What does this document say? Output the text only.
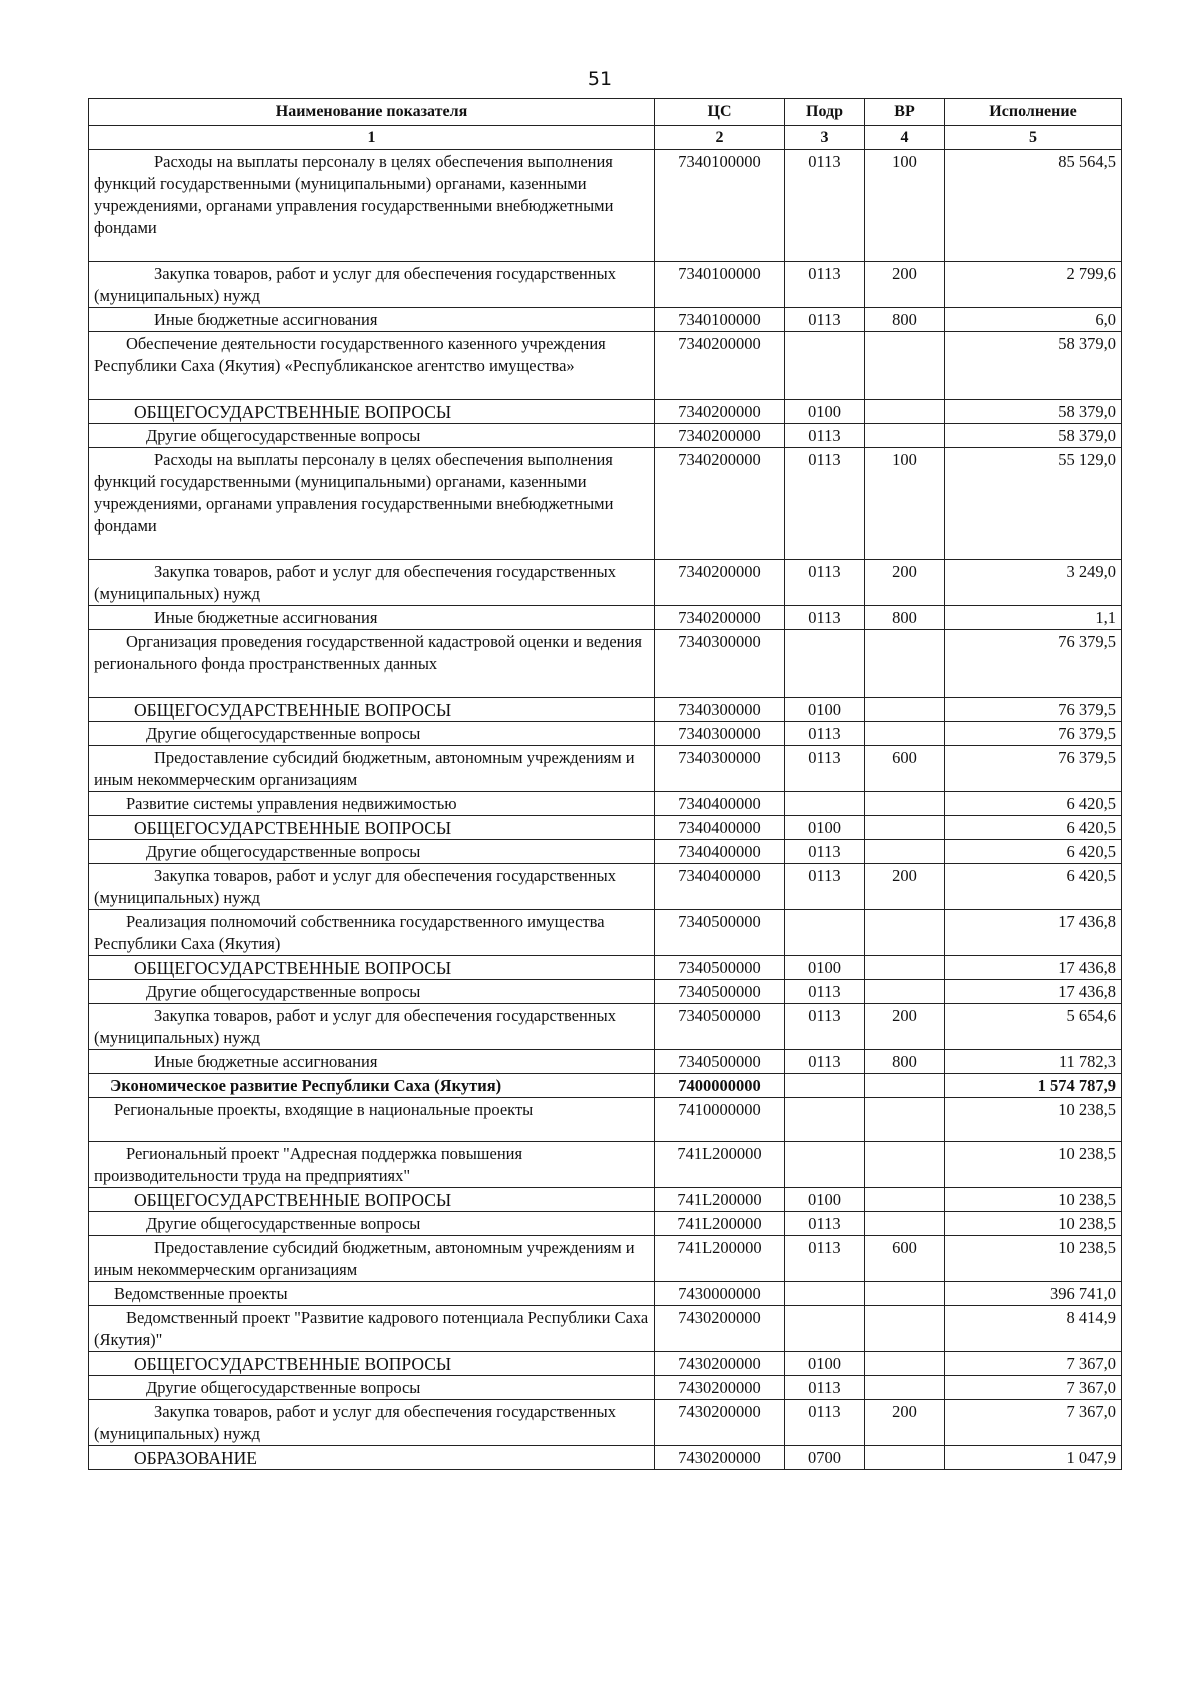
51
Наименование показателя	ЦС	Подр	ВР	Исполнение
1	2	3	4	5
Расходы на выплаты персоналу в целях обеспечения выполнения функций государственными (муниципальными) органами, казенными учреждениями, органами управления государственными внебюджетными фондами	7340100000	0113	100	85 564,5
Закупка товаров, работ и услуг для обеспечения государственных (муниципальных) нужд	7340100000	0113	200	2 799,6
Иные бюджетные ассигнования	7340100000	0113	800	6,0
Обеспечение деятельности государственного казенного учреждения Республики Саха (Якутия) «Республиканское агентство имущества»	7340200000			58 379,0
ОБЩЕГОСУДАРСТВЕННЫЕ ВОПРОСЫ	7340200000	0100		58 379,0
Другие общегосударственные вопросы	7340200000	0113		58 379,0
Расходы на выплаты персоналу в целях обеспечения выполнения функций государственными (муниципальными) органами, казенными учреждениями, органами управления государственными внебюджетными фондами	7340200000	0113	100	55 129,0
Закупка товаров, работ и услуг для обеспечения государственных (муниципальных) нужд	7340200000	0113	200	3 249,0
Иные бюджетные ассигнования	7340200000	0113	800	1,1
Организация проведения государственной кадастровой оценки и ведения регионального фонда пространственных данных	7340300000			76 379,5
ОБЩЕГОСУДАРСТВЕННЫЕ ВОПРОСЫ	7340300000	0100		76 379,5
Другие общегосударственные вопросы	7340300000	0113		76 379,5
Предоставление субсидий бюджетным, автономным учреждениям и иным некоммерческим организациям	7340300000	0113	600	76 379,5
Развитие системы управления недвижимостью	7340400000			6 420,5
ОБЩЕГОСУДАРСТВЕННЫЕ ВОПРОСЫ	7340400000	0100		6 420,5
Другие общегосударственные вопросы	7340400000	0113		6 420,5
Закупка товаров, работ и услуг для обеспечения государственных (муниципальных) нужд	7340400000	0113	200	6 420,5
Реализация полномочий собственника государственного имущества Республики Саха (Якутия)	7340500000			17 436,8
ОБЩЕГОСУДАРСТВЕННЫЕ ВОПРОСЫ	7340500000	0100		17 436,8
Другие общегосударственные вопросы	7340500000	0113		17 436,8
Закупка товаров, работ и услуг для обеспечения государственных (муниципальных) нужд	7340500000	0113	200	5 654,6
Иные бюджетные ассигнования	7340500000	0113	800	11 782,3
Экономическое развитие Республики Саха (Якутия)	7400000000			1 574 787,9
Региональные проекты, входящие в национальные проекты	7410000000			10 238,5
Региональный проект "Адресная поддержка повышения производительности труда на предприятиях"	741L200000			10 238,5
ОБЩЕГОСУДАРСТВЕННЫЕ ВОПРОСЫ	741L200000	0100		10 238,5
Другие общегосударственные вопросы	741L200000	0113		10 238,5
Предоставление субсидий бюджетным, автономным учреждениям и иным некоммерческим организациям	741L200000	0113	600	10 238,5
Ведомственные проекты	7430000000			396 741,0
Ведомственный проект "Развитие кадрового потенциала Республики Саха (Якутия)"	7430200000			8 414,9
ОБЩЕГОСУДАРСТВЕННЫЕ ВОПРОСЫ	7430200000	0100		7 367,0
Другие общегосударственные вопросы	7430200000	0113		7 367,0
Закупка товаров, работ и услуг для обеспечения государственных (муниципальных) нужд	7430200000	0113	200	7 367,0
ОБРАЗОВАНИЕ	7430200000	0700		1 047,9
